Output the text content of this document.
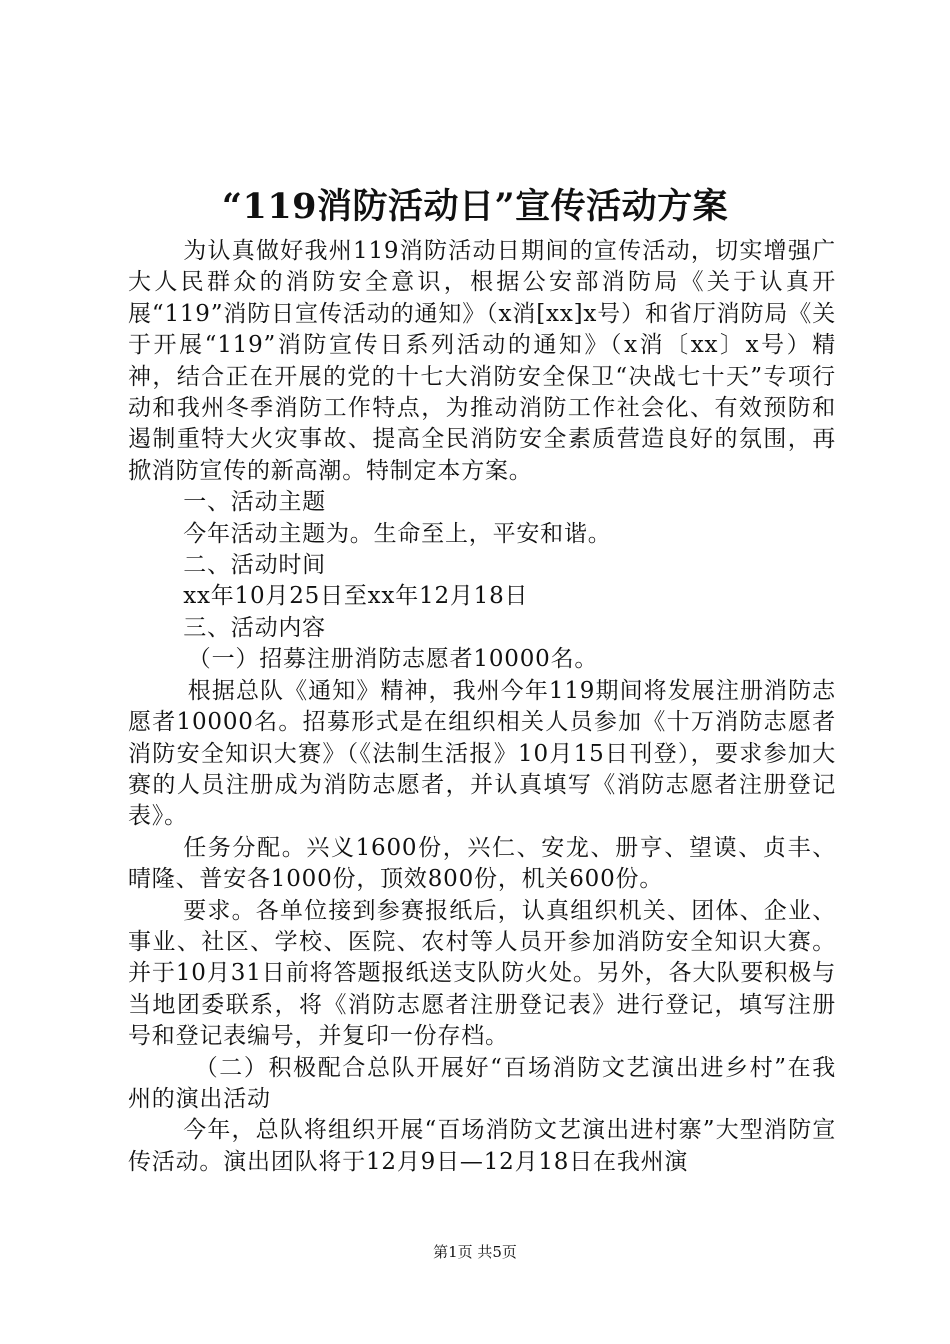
“119消防活动日”宣传活动方案

为认真做好我州119消防活动日期间的宣传活动，切实增强广大人民群众的消防安全意识，根据公安部消防局《关于认真开展“119”消防日宣传活动的通知》（x消[xx]x号）和省厅消防局《关于开展“119”消防宣传日系列活动的通知》（x消〔xx〕x号）精神，结合正在开展的党的十七大消防安全保卫“决战七十天”专项行动和我州冬季消防工作特点，为推动消防工作社会化、有效预防和遏制重特大火灾事故、提高全民消防安全素质营造良好的氛围，再掀消防宣传的新高潮。特制定本方案。

一、活动主题

今年活动主题为。生命至上，平安和谐。

二、活动时间

xx年10月25日至xx年12月18日

三、活动内容

（一）招募注册消防志愿者10000名。

根据总队《通知》精神，我州今年119期间将发展注册消防志愿者10000名。招募形式是在组织相关人员参加《十万消防志愿者消防安全知识大赛》（《法制生活报》10月15日刊登），要求参加大赛的人员注册成为消防志愿者，并认真填写《消防志愿者注册登记表》。

任务分配。兴义1600份，兴仁、安龙、册亨、望谟、贞丰、晴隆、普安各1000份，顶效800份，机关600份。

要求。各单位接到参赛报纸后，认真组织机关、团体、企业、事业、社区、学校、医院、农村等人员开参加消防安全知识大赛。并于10月31日前将答题报纸送支队防火处。另外，各大队要积极与当地团委联系，将《消防志愿者注册登记表》进行登记，填写注册号和登记表编号，并复印一份存档。

（二）积极配合总队开展好“百场消防文艺演出进乡村”在我州的演出活动

今年，总队将组织开展“百场消防文艺演出进村寨”大型消防宣传活动。演出团队将于12月9日—12月18日在我州演

第1页 共5页
